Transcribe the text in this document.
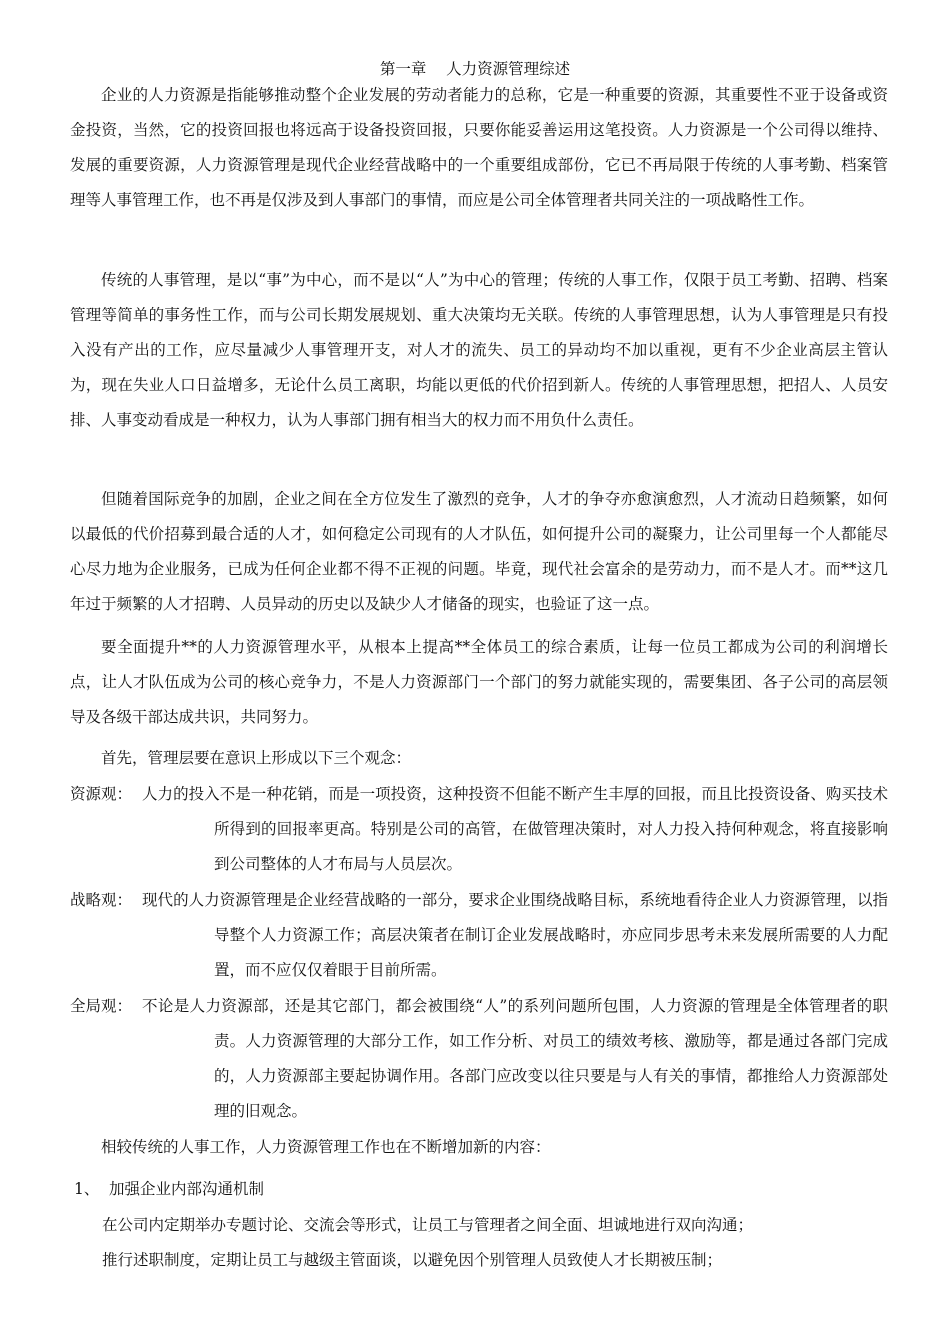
第一章    人力资源管理综述

企业的人力资源是指能够推动整个企业发展的劳动者能力的总称，它是一种重要的资源，其重要性不亚于设备或资金投资，当然，它的投资回报也将远高于设备投资回报，只要你能妥善运用这笔投资。人力资源是一个公司得以维持、发展的重要资源，人力资源管理是现代企业经营战略中的一个重要组成部份，它已不再局限于传统的人事考勤、档案管理等人事管理工作，也不再是仅涉及到人事部门的事情，而应是公司全体管理者共同关注的一项战略性工作。

传统的人事管理，是以“事”为中心，而不是以“人”为中心的管理；传统的人事工作，仅限于员工考勤、招聘、档案管理等简单的事务性工作，而与公司长期发展规划、重大决策均无关联。传统的人事管理思想，认为人事管理是只有投入没有产出的工作，应尽量减少人事管理开支，对人才的流失、员工的异动均不加以重视，更有不少企业高层主管认为，现在失业人口日益增多，无论什么员工离职，均能以更低的代价招到新人。传统的人事管理思想，把招人、人员安排、人事变动看成是一种权力，认为人事部门拥有相当大的权力而不用负什么责任。

但随着国际竞争的加剧，企业之间在全方位发生了激烈的竞争，人才的争夺亦愈演愈烈，人才流动日趋频繁，如何以最低的代价招募到最合适的人才，如何稳定公司现有的人才队伍，如何提升公司的凝聚力，让公司里每一个人都能尽心尽力地为企业服务，已成为任何企业都不得不正视的问题。毕竟，现代社会富余的是劳动力，而不是人才。而**这几年过于频繁的人才招聘、人员异动的历史以及缺少人才储备的现实，也验证了这一点。

要全面提升**的人力资源管理水平，从根本上提高**全体员工的综合素质，让每一位员工都成为公司的利润增长点，让人才队伍成为公司的核心竞争力，不是人力资源部门一个部门的努力就能实现的，需要集团、各子公司的高层领导及各级干部达成共识，共同努力。

首先，管理层要在意识上形成以下三个观念：

资源观： 人力的投入不是一种花销，而是一项投资，这种投资不但能不断产生丰厚的回报，而且比投资设备、购买技术所得到的回报率更高。特别是公司的高管，在做管理决策时，对人力投入持何种观念，将直接影响到公司整体的人才布局与人员层次。
战略观： 现代的人力资源管理是企业经营战略的一部分，要求企业围绕战略目标，系统地看待企业人力资源管理，以指导整个人力资源工作；高层决策者在制订企业发展战略时，亦应同步思考未来发展所需要的人力配置，而不应仅仅着眼于目前所需。
全局观： 不论是人力资源部，还是其它部门，都会被围绕“人”的系列问题所包围，人力资源的管理是全体管理者的职责。人力资源管理的大部分工作，如工作分析、对员工的绩效考核、激励等，都是通过各部门完成的，人力资源部主要起协调作用。各部门应改变以往只要是与人有关的事情，都推给人力资源部处理的旧观念。

相较传统的人事工作，人力资源管理工作也在不断增加新的内容：

1、 加强企业内部沟通机制
在公司内定期举办专题讨论、交流会等形式，让员工与管理者之间全面、坦诚地进行双向沟通；
推行述职制度，定期让员工与越级主管面谈，以避免因个别管理人员致使人才长期被压制；
